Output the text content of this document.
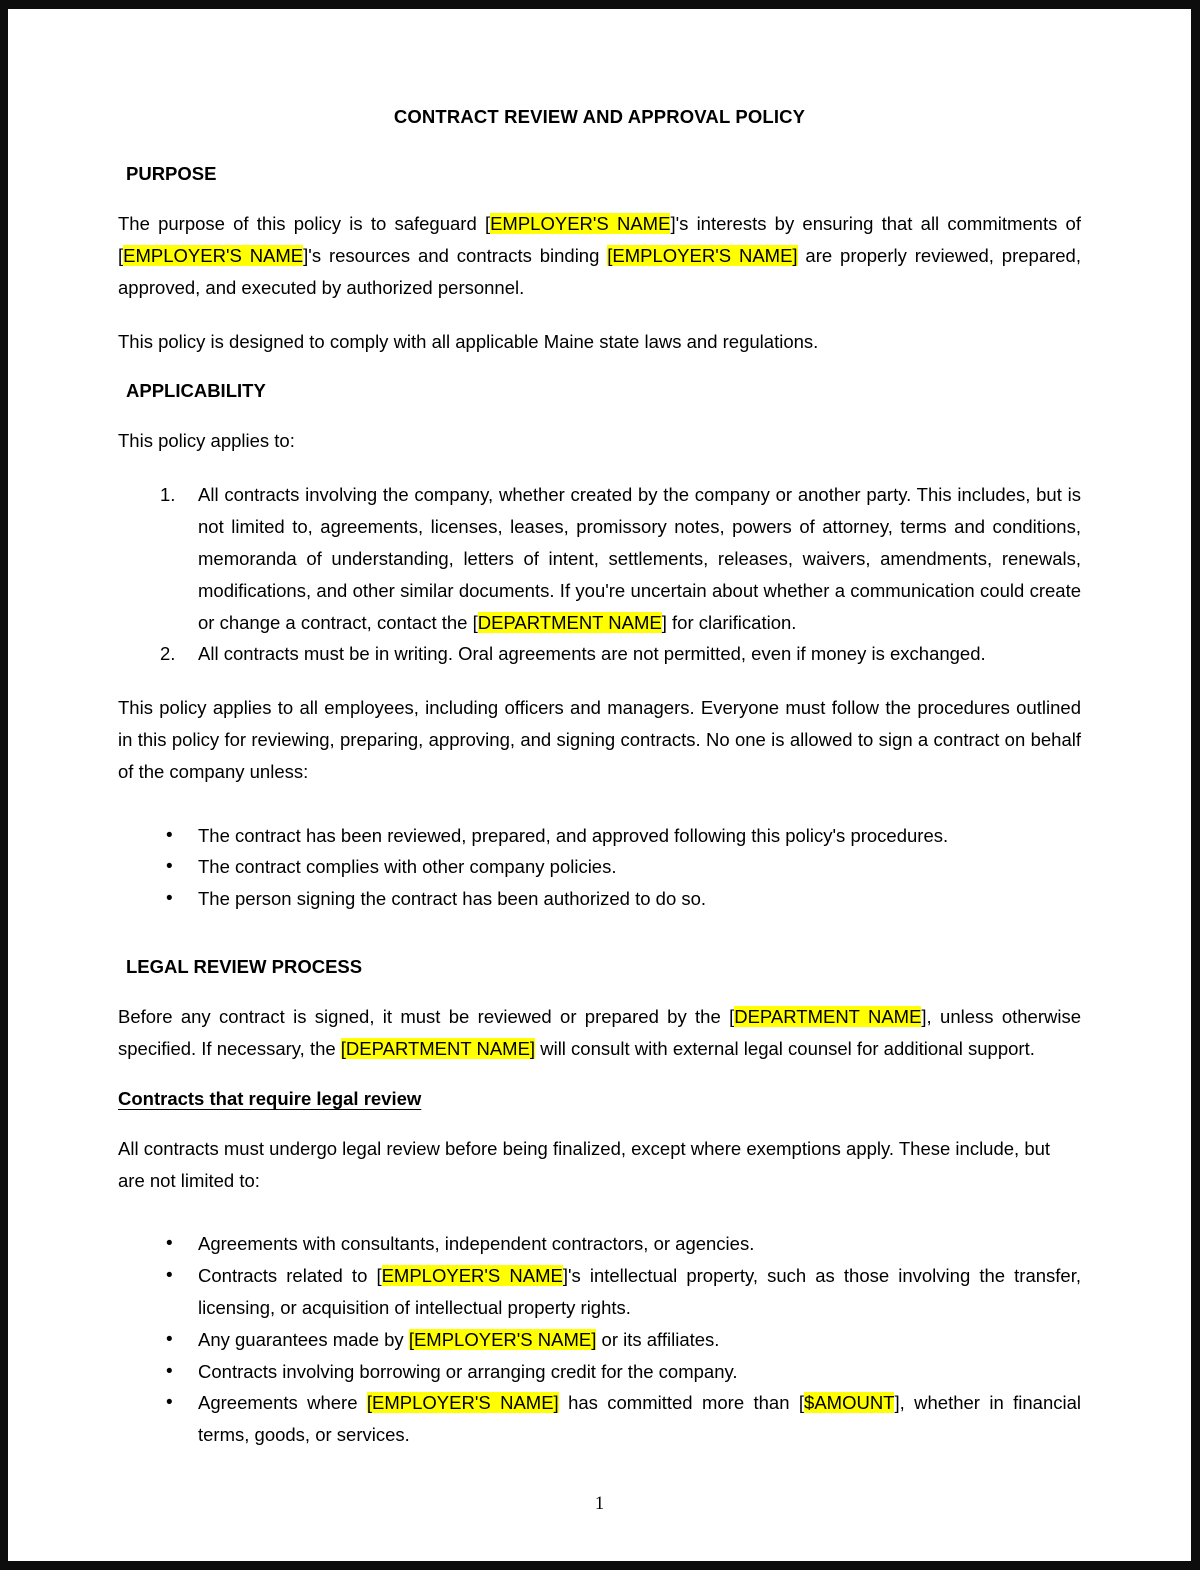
CONTRACT REVIEW AND APPROVAL POLICY
PURPOSE

The purpose of this policy is to safeguard [EMPLOYER'S NAME]'s interests by ensuring that all commitments of [EMPLOYER'S NAME]'s resources and contracts binding [EMPLOYER'S NAME] are properly reviewed, prepared, approved, and executed by authorized personnel.

This policy is designed to comply with all applicable Maine state laws and regulations.

APPLICABILITY

This policy applies to:

All contracts involving the company, whether created by the company or another party. This includes, but is not limited to, agreements, licenses, leases, promissory notes, powers of attorney, terms and conditions, memoranda of understanding, letters of intent, settlements, releases, waivers, amendments, renewals, modifications, and other similar documents. If you're uncertain about whether a communication could create or change a contract, contact the [DEPARTMENT NAME] for clarification.
All contracts must be in writing. Oral agreements are not permitted, even if money is exchanged.

This policy applies to all employees, including officers and managers. Everyone must follow the procedures outlined in this policy for reviewing, preparing, approving, and signing contracts. No one is allowed to sign a contract on behalf of the company unless:

• The contract has been reviewed, prepared, and approved following this policy's procedures.
• The contract complies with other company policies.
• The person signing the contract has been authorized to do so.
LEGAL REVIEW PROCESS

Before any contract is signed, it must be reviewed or prepared by the [DEPARTMENT NAME], unless otherwise specified. If necessary, the [DEPARTMENT NAME] will consult with external legal counsel for additional support.

Contracts that require legal review

All contracts must undergo legal review before being finalized, except where exemptions apply. These include, but are not limited to:

• Agreements with consultants, independent contractors, or agencies.
• Contracts related to [EMPLOYER'S NAME]'s intellectual property, such as those involving the transfer, licensing, or acquisition of intellectual property rights.
• Any guarantees made by [EMPLOYER'S NAME] or its affiliates.
• Contracts involving borrowing or arranging credit for the company.
• Agreements where [EMPLOYER'S NAME] has committed more than [$AMOUNT], whether in financial terms, goods, or services.
1
